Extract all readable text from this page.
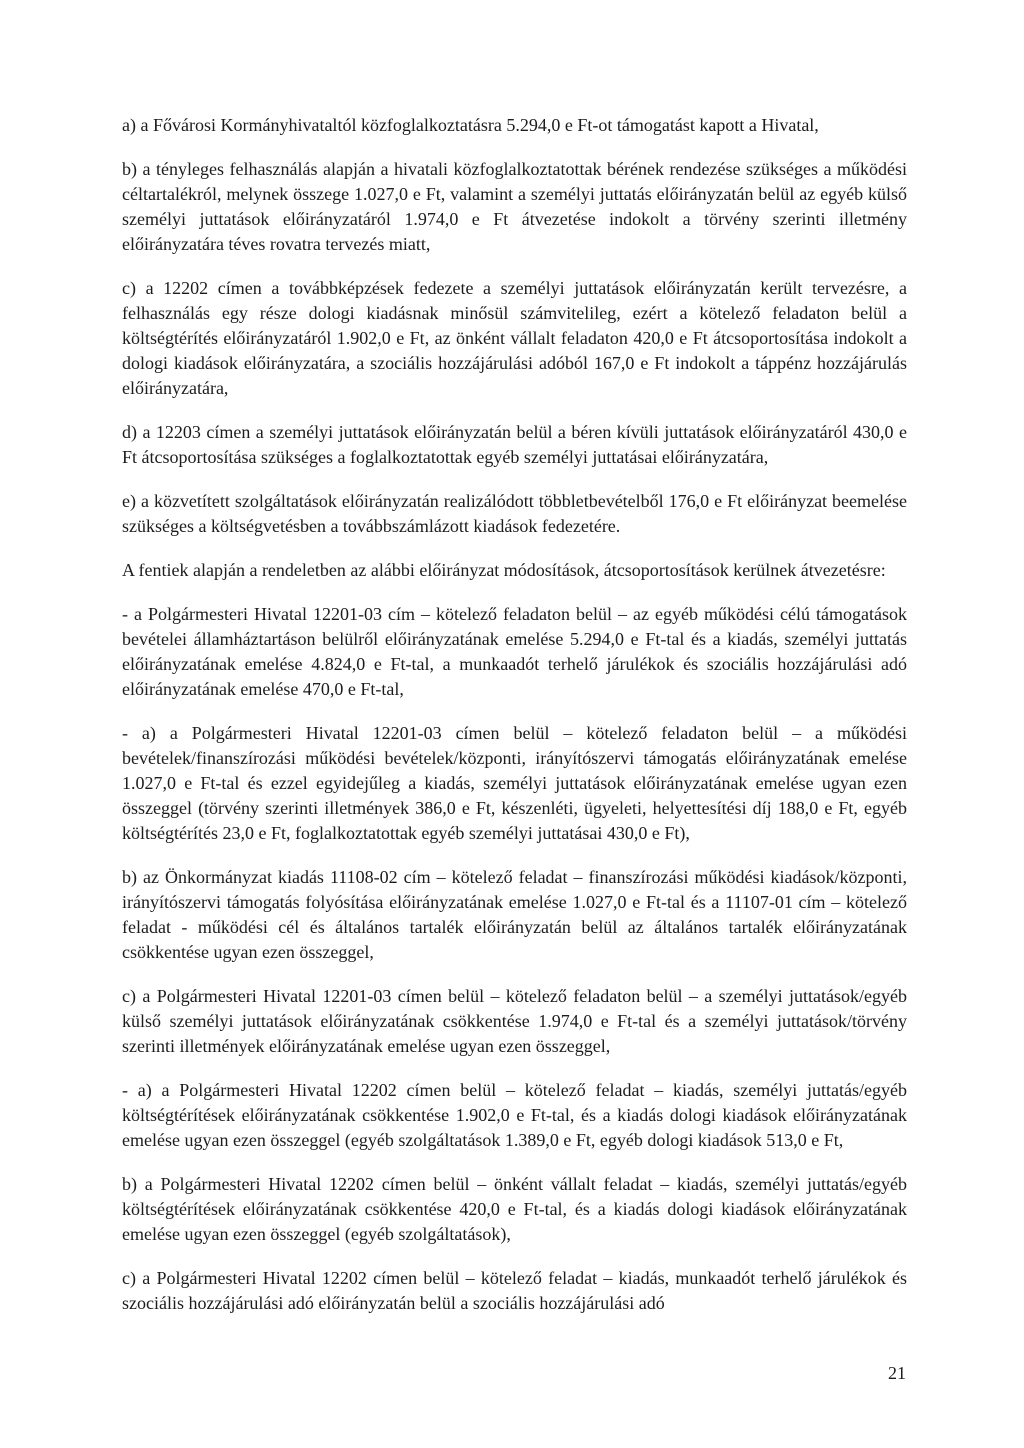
a) a Fővárosi Kormányhivataltól közfoglalkoztatásra 5.294,0 e Ft-ot támogatást kapott a Hivatal,

b) a tényleges felhasználás alapján a hivatali közfoglalkoztatottak bérének rendezése szükséges a működési céltartalékról, melynek összege 1.027,0 e Ft, valamint a személyi juttatás előirányzatán belül az egyéb külső személyi juttatások előirányzatáról 1.974,0 e Ft átvezetése indokolt a törvény szerinti illetmény előirányzatára téves rovatra tervezés miatt,

c) a 12202 címen a továbbképzések fedezete a személyi juttatások előirányzatán került tervezésre, a felhasználás egy része dologi kiadásnak minősül számvitelileg, ezért a kötelező feladaton belül a költségtérítés előirányzatáról 1.902,0 e Ft, az önként vállalt feladaton 420,0 e Ft átcsoportosítása indokolt a dologi kiadások előirányzatára, a szociális hozzájárulási adóból 167,0 e Ft indokolt a táppénz hozzájárulás előirányzatára,

d) a 12203 címen a személyi juttatások előirányzatán belül a béren kívüli juttatások előirányzatáról 430,0 e Ft átcsoportosítása szükséges a foglalkoztatottak egyéb személyi juttatásai előirányzatára,

e) a közvetített szolgáltatások előirányzatán realizálódott többletbevételből 176,0 e Ft előirányzat beemelése szükséges a költségvetésben a továbbszámlázott kiadások fedezetére.

A fentiek alapján a rendeletben az alábbi előirányzat módosítások, átcsoportosítások kerülnek átvezetésre:

- a Polgármesteri Hivatal 12201-03 cím – kötelező feladaton belül – az egyéb működési célú támogatások bevételei államháztartáson belülről előirányzatának emelése 5.294,0 e Ft-tal és a kiadás, személyi juttatás előirányzatának emelése 4.824,0 e Ft-tal, a munkaadót terhelő járulékok és szociális hozzájárulási adó előirányzatának emelése 470,0 e Ft-tal,

- a) a Polgármesteri Hivatal 12201-03 címen belül – kötelező feladaton belül – a működési bevételek/finanszírozási működési bevételek/központi, irányítószervi támogatás előirányzatának emelése 1.027,0 e Ft-tal és ezzel egyidejűleg a kiadás, személyi juttatások előirányzatának emelése ugyan ezen összeggel (törvény szerinti illetmények 386,0 e Ft, készenléti, ügyeleti, helyettesítési díj 188,0 e Ft, egyéb költségtérítés 23,0 e Ft, foglalkoztatottak egyéb személyi juttatásai 430,0 e Ft),

b) az Önkormányzat kiadás 11108-02 cím – kötelező feladat – finanszírozási működési kiadások/központi, irányítószervi támogatás folyósítása előirányzatának emelése 1.027,0 e Ft-tal és a 11107-01 cím – kötelező feladat - működési cél és általános tartalék előirányzatán belül az általános tartalék előirányzatának csökkentése ugyan ezen összeggel,

c) a Polgármesteri Hivatal 12201-03 címen belül – kötelező feladaton belül – a személyi juttatások/egyéb külső személyi juttatások előirányzatának csökkentése 1.974,0 e Ft-tal és a személyi juttatások/törvény szerinti illetmények előirányzatának emelése ugyan ezen összeggel,

- a) a Polgármesteri Hivatal 12202 címen belül – kötelező feladat – kiadás, személyi juttatás/egyéb költségtérítések előirányzatának csökkentése 1.902,0 e Ft-tal, és a kiadás dologi kiadások előirányzatának emelése ugyan ezen összeggel (egyéb szolgáltatások 1.389,0 e Ft, egyéb dologi kiadások 513,0 e Ft,

b) a Polgármesteri Hivatal 12202 címen belül – önként vállalt feladat – kiadás, személyi juttatás/egyéb költségtérítések előirányzatának csökkentése 420,0 e Ft-tal, és a kiadás dologi kiadások előirányzatának emelése ugyan ezen összeggel (egyéb szolgáltatások),

c) a Polgármesteri Hivatal 12202 címen belül – kötelező feladat – kiadás, munkaadót terhelő járulékok és szociális hozzájárulási adó előirányzatán belül a szociális hozzájárulási adó

21
